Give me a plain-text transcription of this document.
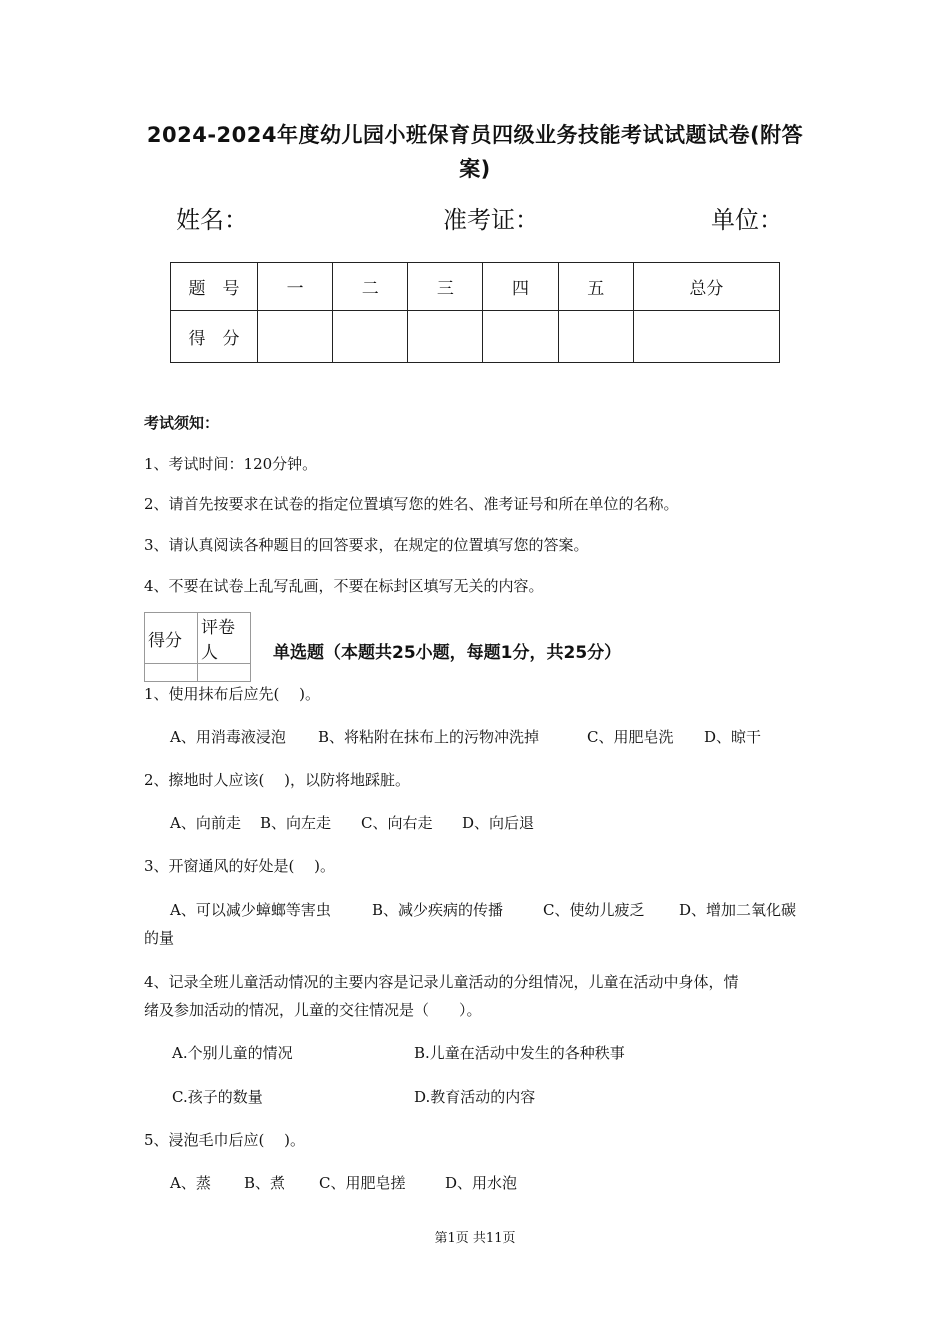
2024-2024年度幼儿园小班保育员四级业务技能考试试题试卷(附答
案)
姓名：	准考证：	单位：
题　号	一	二	三	四	五	总分
得　分						
考试须知：
1、考试时间：120分钟。
2、请首先按要求在试卷的指定位置填写您的姓名、准考证号和所在单位的名称。
3、请认真阅读各种题目的回答要求，在规定的位置填写您的答案。
4、不要在试卷上乱写乱画，不要在标封区填写无关的内容。
得分	评卷人
		单选题（本题共25小题，每题1分，共25分）
1、使用抹布后应先(　 )。
A、用消毒液浸泡 B、将粘附在抹布上的污物冲洗掉	C、用肥皂洗 D、晾干
2、擦地时人应该(　 )，以防将地踩脏。
A、向前走 B、向左走 C、向右走 D、向后退
3、开窗通风的好处是(　 )。
A、可以减少蟑螂等害虫	B、减少疾病的传播	C、使幼儿疲乏 D、增加二氧化碳
的量
4、记录全班儿童活动情况的主要内容是记录儿童活动的分组情况，儿童在活动中身体，情
绪及参加活动的情况，儿童的交往情况是（　　）。
A.个别儿童的情况	B.儿童在活动中发生的各种秩事
C.孩子的数量	D.教育活动的内容
5、浸泡毛巾后应(　 )。
A、蒸 B、煮 C、用肥皂搓	D、用水泡
第1页 共11页
